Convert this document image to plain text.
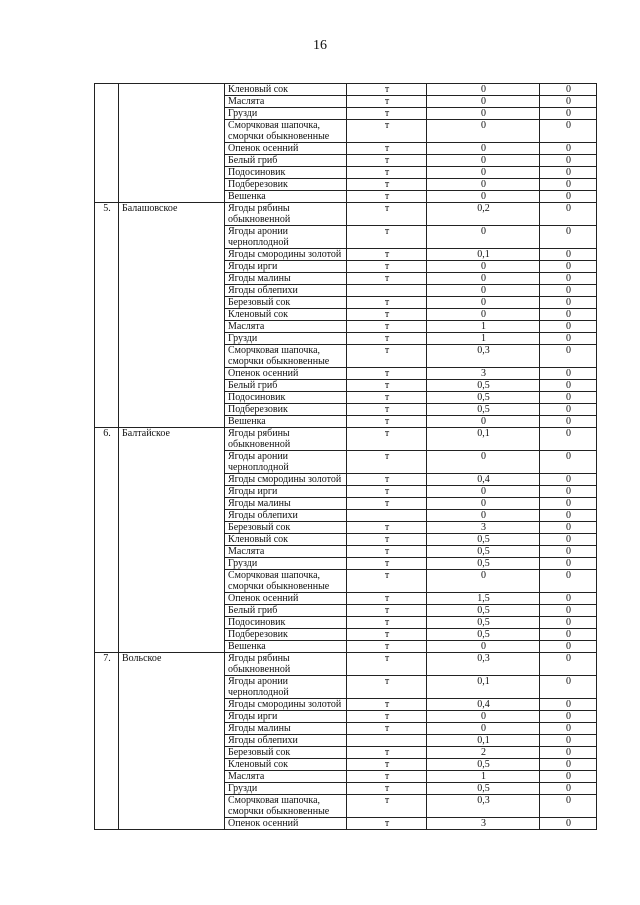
16
		Кленовый сок	т	0	0
		Маслята	т	0	0
		Грузди	т	0	0
		Сморчковая шапочка, сморчки обыкновенные	т	0	0
		Опенок осенний	т	0	0
		Белый гриб	т	0	0
		Подосиновик	т	0	0
		Подберезовик	т	0	0
		Вешенка	т	0	0
5.	Балашовское	Ягоды рябины обыкновенной	т	0,2	0
		Ягоды аронии черноплодной	т	0	0
		Ягоды смородины золотой	т	0,1	0
		Ягоды ирги	т	0	0
		Ягоды малины	т	0	0
		Ягоды облепихи		0	0
		Березовый сок	т	0	0
		Кленовый сок	т	0	0
		Маслята	т	1	0
		Грузди	т	1	0
		Сморчковая шапочка, сморчки обыкновенные	т	0,3	0
		Опенок осенний	т	3	0
		Белый гриб	т	0,5	0
		Подосиновик	т	0,5	0
		Подберезовик	т	0,5	0
		Вешенка	т	0	0
6.	Балтайское	Ягоды рябины обыкновенной	т	0,1	0
		Ягоды аронии черноплодной	т	0	0
		Ягоды смородины золотой	т	0,4	0
		Ягоды ирги	т	0	0
		Ягоды малины	т	0	0
		Ягоды облепихи		0	0
		Березовый сок	т	3	0
		Кленовый сок	т	0,5	0
		Маслята	т	0,5	0
		Грузди	т	0,5	0
		Сморчковая шапочка, сморчки обыкновенные	т	0	0
		Опенок осенний	т	1,5	0
		Белый гриб	т	0,5	0
		Подосиновик	т	0,5	0
		Подберезовик	т	0,5	0
		Вешенка	т	0	0
7.	Вольское	Ягоды рябины обыкновенной	т	0,3	0
		Ягоды аронии черноплодной	т	0,1	0
		Ягоды смородины золотой	т	0,4	0
		Ягоды ирги	т	0	0
		Ягоды малины	т	0	0
		Ягоды облепихи		0,1	0
		Березовый сок	т	2	0
		Кленовый сок	т	0,5	0
		Маслята	т	1	0
		Грузди	т	0,5	0
		Сморчковая шапочка, сморчки обыкновенные	т	0,3	0
		Опенок осенний	т	3	0
